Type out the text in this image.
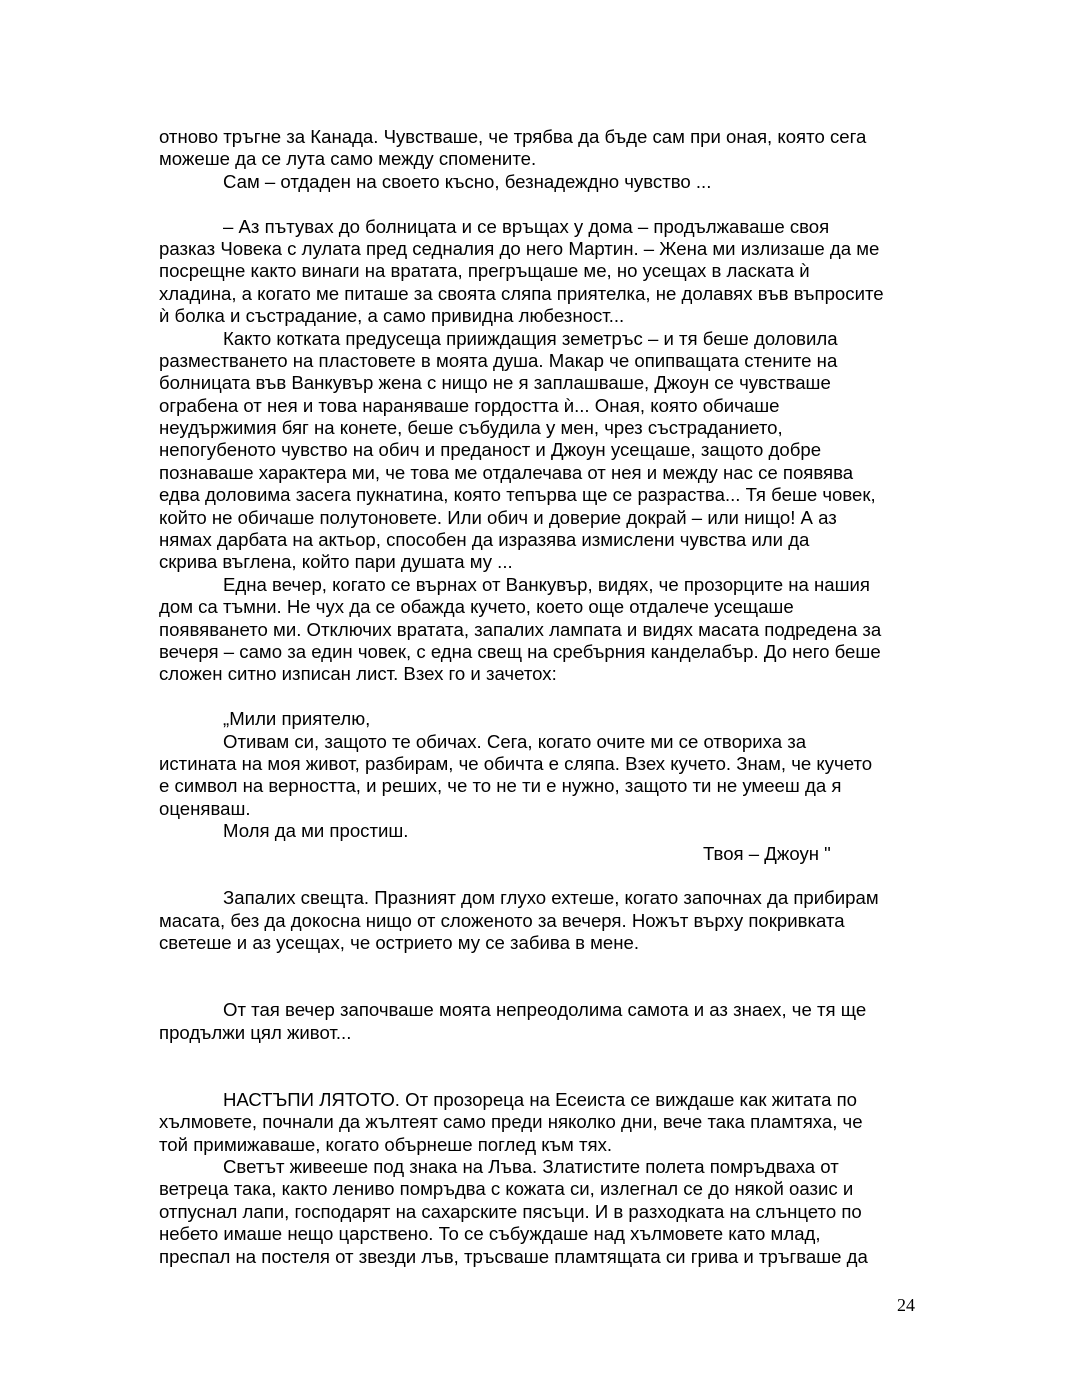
отново тръгне за Канада. Чувстваше, че трябва да бъде сам при оная, която сега
можеше да се лута само между спомените.
Сам – отдаден на своето късно, безнадеждно чувство ...
– Аз пътувах до болницата и се връщах у дома – продължаваше своя
разказ Човека с лулата пред седналия до него Мартин. – Жена ми излизаше да ме
посрещне както винаги на вратата, прегръщаше ме, но усещах в ласката ѝ
хладина, а когато ме питаше за своята сляпа приятелка, не долавях във въпросите
ѝ болка и състрадание, а само привидна любезност...
Както котката предусеща прииждащия земетръс – и тя беше доловила
разместването на пластовете в моята душа. Макар че опипващата стените на
болницата във Ванкувър жена с нищо не я заплашваше, Джоун се чувстваше
ограбена от нея и това нараняваше гордостта ѝ... Оная, която обичаше
неудържимия бяг на конете, беше събудила у мен, чрез състраданието,
непогубеното чувство на обич и преданост и Джоун усещаше, защото добре
познаваше характера ми, че това ме отдалечава от нея и между нас се появява
едва доловима засега пукнатина, която тепърва ще се разраства... Тя беше човек,
който не обичаше полутоновете. Или обич и доверие докрай – или нищо! А аз
нямах дарбата на актьор, способен да изразява измислени чувства или да
скрива въглена, който пари душата му ...
Една вечер, когато се върнах от Ванкувър, видях, че прозорците на нашия
дом са тъмни. Не чух да се обажда кучето, което още отдалече усещаше
появяването ми. Отключих вратата, запалих лампата и видях масата подредена за
вечеря – само за един човек, с една свещ на сребърния канделабър. До него беше
сложен ситно изписан лист. Взех го и зачетох:
„Мили приятелю,
Отивам си, защото те обичах. Сега, когато очите ми се отвориха за
истината на моя живот, разбирам, че обичта е сляпа. Взех кучето. Знам, че кучето
е символ на верността, и реших, че то не ти е нужно, защото ти не умееш да я
оценяваш.
Моля да ми простиш.
Твоя – Джоун "
Запалих свещта. Празният дом глухо ехтеше, когато започнах да прибирам
масата, без да докосна нищо от сложеното за вечеря. Ножът върху покривката
светеше и аз усещах, че острието му се забива в мене.
От тая вечер започваше моята непреодолима самота и аз знаех, че тя ще
продължи цял живот...
НАСТЪПИ ЛЯТОТО. От прозореца на Есеиста се виждаше как житата по
хълмовете, почнали да жълтеят само преди няколко дни, вече така пламтяха, че
той примижаваше, когато обърнеше поглед към тях.
Светът живееше под знака на Лъва. Златистите полета помръдваха от
ветреца така, както лениво помръдва с кожата си, излегнал се до някой оазис и
отпуснал лапи, господарят на сахарските пясъци. И в разходката на слънцето по
небето имаше нещо царствено. То се събуждаше над хълмовете като млад,
преспал на постеля от звезди лъв, тръсваше пламтящата си грива и тръгваше да
24
